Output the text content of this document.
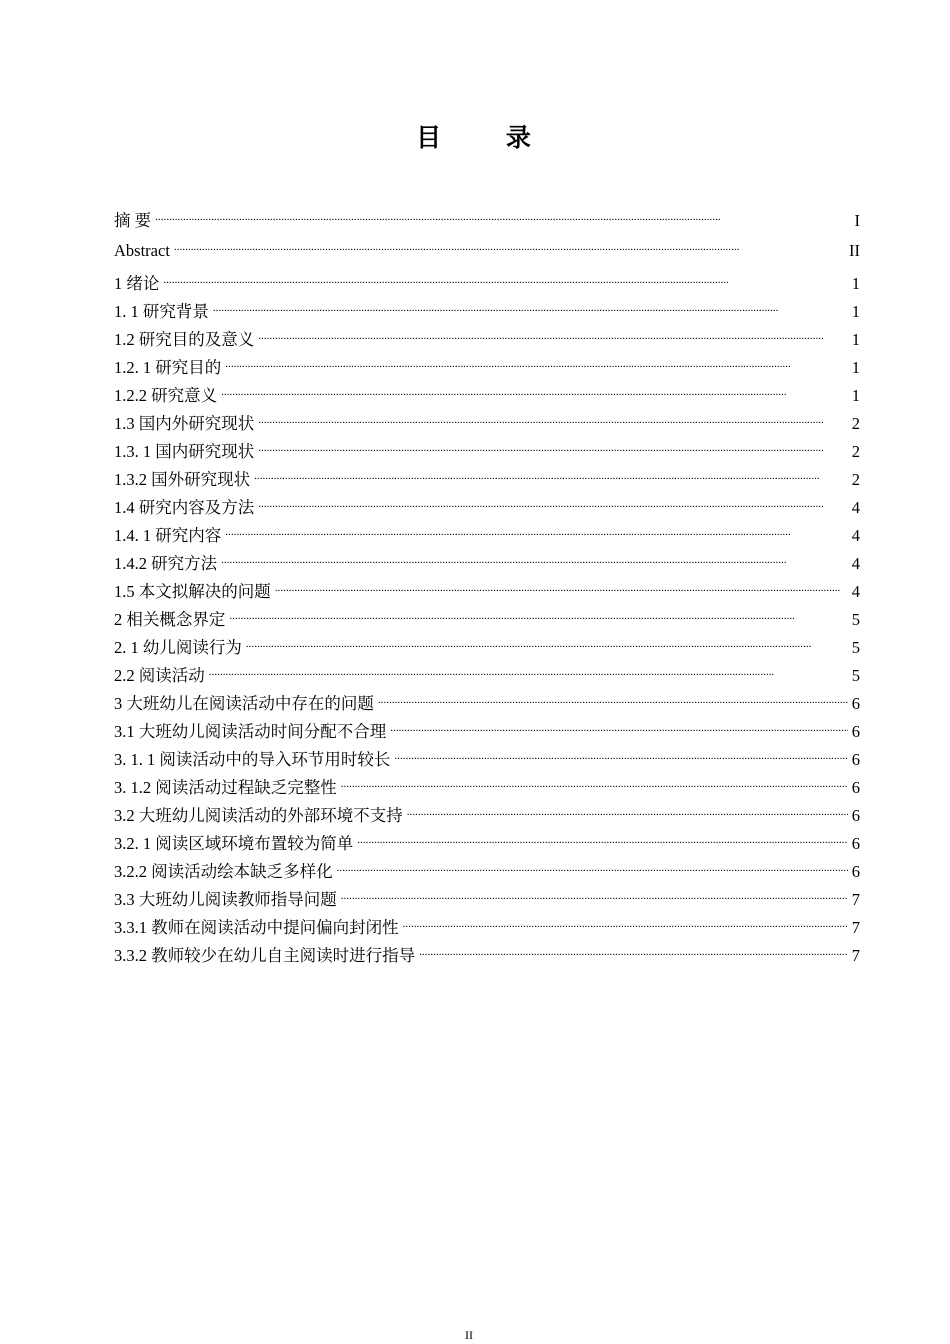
目 录
摘 要 . . .	I
Abstract . . .	II
1 绪论 . . .	1
1. 1 研究背景 . . .	1
1.2 研究目的及意义 . . .	1
1.2. 1 研究目的 . . .	1
1.2.2 研究意义 . . .	1
1.3 国内外研究现状 . . .	2
1.3. 1 国内研究现状 . . .	2
1.3.2 国外研究现状 . . .	2
1.4 研究内容及方法 . . .	4
1.4. 1 研究内容 . . .	4
1.4.2 研究方法 . . .	4
1.5 本文拟解决的问题 . . .	4
2 相关概念界定 . . .	5
2. 1 幼儿阅读行为 . . .	5
2.2 阅读活动 . . .	5
3 大班幼儿在阅读活动中存在的问题 . . .	6
3.1 大班幼儿阅读活动时间分配不合理 . . .	6
3. 1. 1 阅读活动中的导入环节用时较长 . . .	6
3. 1.2 阅读活动过程缺乏完整性 . . .	6
3.2 大班幼儿阅读活动的外部环境不支持 . . .	6
3.2. 1 阅读区域环境布置较为简单 . . .	6
3.2.2 阅读活动绘本缺乏多样化 . . .	6
3.3 大班幼儿阅读教师指导问题 . . .	7
3.3.1 教师在阅读活动中提问偏向封闭性 . . .	7
3.3.2 教师较少在幼儿自主阅读时进行指导 . . .	7
II
